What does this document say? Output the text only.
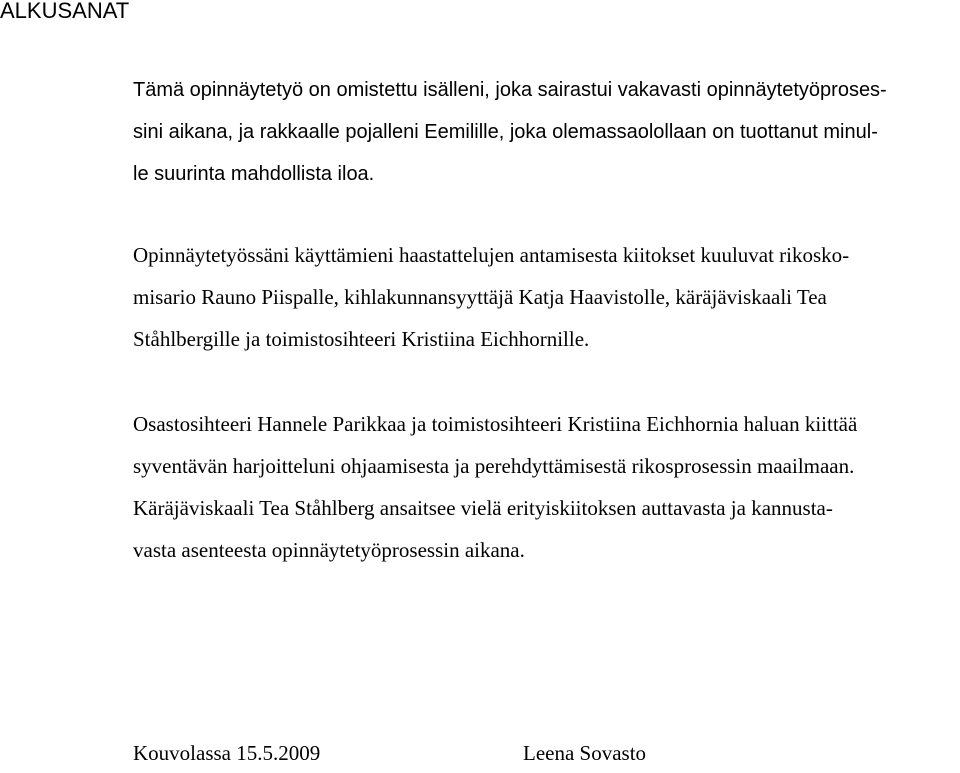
ALKUSANAT
Tämä opinnäytetyö on omistettu isälleni, joka sairastui vakavasti opinnäytetyöproses-
sini aikana, ja rakkaalle pojalleni Eemilille, joka olemassaolollaan on tuottanut minul-
le suurinta mahdollista iloa.
Opinnäytetyössäni käyttämieni haastattelujen antamisesta kiitokset kuuluvat rikosko-
misario Rauno Piispalle, kihlakunnansyyttäjä Katja Haavistolle, käräjäviskaali Tea
Ståhlbergille ja toimistosihteeri Kristiina Eichhornille.
Osastosihteeri Hannele Parikkaa ja toimistosihteeri Kristiina Eichhornia haluan kiittää
syventävän harjoitteluni ohjaamisesta ja perehdyttämisestä rikosprosessin maailmaan.
Käräjäviskaali Tea Ståhlberg ansaitsee vielä erityiskiitoksen auttavasta ja kannusta-
vasta asenteesta opinnäytetyöprosessin aikana.
Kouvolassa 15.5.2009	Leena Sovasto
